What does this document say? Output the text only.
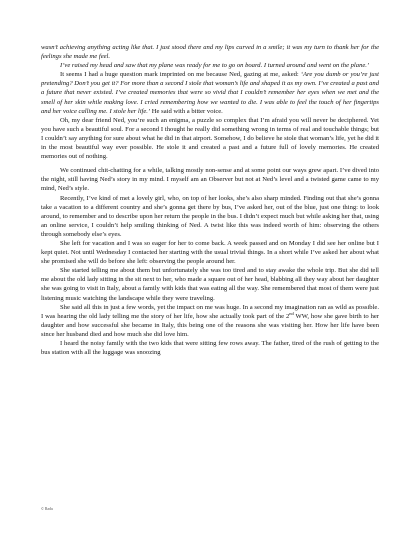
wasn’t achieving anything acting like that. I just stood there and my lips curved in a smile; it was my turn to thank her for the feelings she made me feel.

I’ve raised my head and saw that my plane was ready for me to go on board. I turned around and went on the plane.’

It seems I had a huge question mark imprinted on me because Ned, gazing at me, asked: ‘Are you dumb or you’re just pretending? Don’t you get it? For more than a second I stole that woman’s life and shaped it as my own. I’ve created a past and a future that never existed. I’ve created memories that were so vivid that I couldn’t remember her eyes when we met and the smell of her skin while making love. I cried remembering how we wanted to die. I was able to feel the touch of her fingertips and her voice calling me. I stole her life.’ He said with a bitter voice.

Oh, my dear friend Ned, you’re such an enigma, a puzzle so complex that I’m afraid you will never be deciphered. Yet you have such a beautiful soul. For a second I thought he really did something wrong in terms of real and touchable things; but I couldn’t say anything for sure about what he did in that airport. Somehow, I do believe he stole that woman’s life, yet he did it in the most beautiful way ever possible. He stole it and created a past and a future full of lovely memories. He created memories out of nothing.

We continued chit-chatting for a while, talking mostly non-sense and at some point our ways grew apart. I’ve dived into the night, still having Ned’s story in my mind. I myself am an Observer but not at Ned’s level and a twisted game came to my mind, Ned’s style.

Recently, I’ve kind of met a lovely girl, who, on top of her looks, she’s also sharp minded. Finding out that she’s gonna take a vacation to a different country and she’s gonna get there by bus, I’ve asked her, out of the blue, just one thing: to look around, to remember and to describe upon her return the people in the bus. I didn’t expect much but while asking her that, using an online service, I couldn’t help smiling thinking of Ned. A twist like this was indeed worth of him: observing the others through somebody else’s eyes.

She left for vacation and I was so eager for her to come back. A week passed and on Monday I did see her online but I kept quiet. Not until Wednesday I contacted her starting with the usual trivial things. In a short while I’ve asked her about what she promised she will do before she left: observing the people around her.

She started telling me about them but unfortunately she was too tired and to stay awake the whole trip. But she did tell me about the old lady sitting in the sit next to her, who made a square out of her head, blabbing all they way about her daughter she was going to visit in Italy, about a family with kids that was eating all the way. She remembered that most of them were just listening music watching the landscape while they were traveling.

She said all this in just a few words, yet the impact on me was huge. In a second my imagination ran as wild as possible. I was hearing the old lady telling me the story of her life, how she actually took part of the 2nd WW, how she gave birth to her daughter and how successful she became in Italy, this being one of the reasons she was visiting her. How her life have been since her husband died and how much she did love him.

I heard the noisy family with the two kids that were sitting few rows away. The father, tired of the rush of getting to the bus station with all the luggage was snoozing

© Radu
